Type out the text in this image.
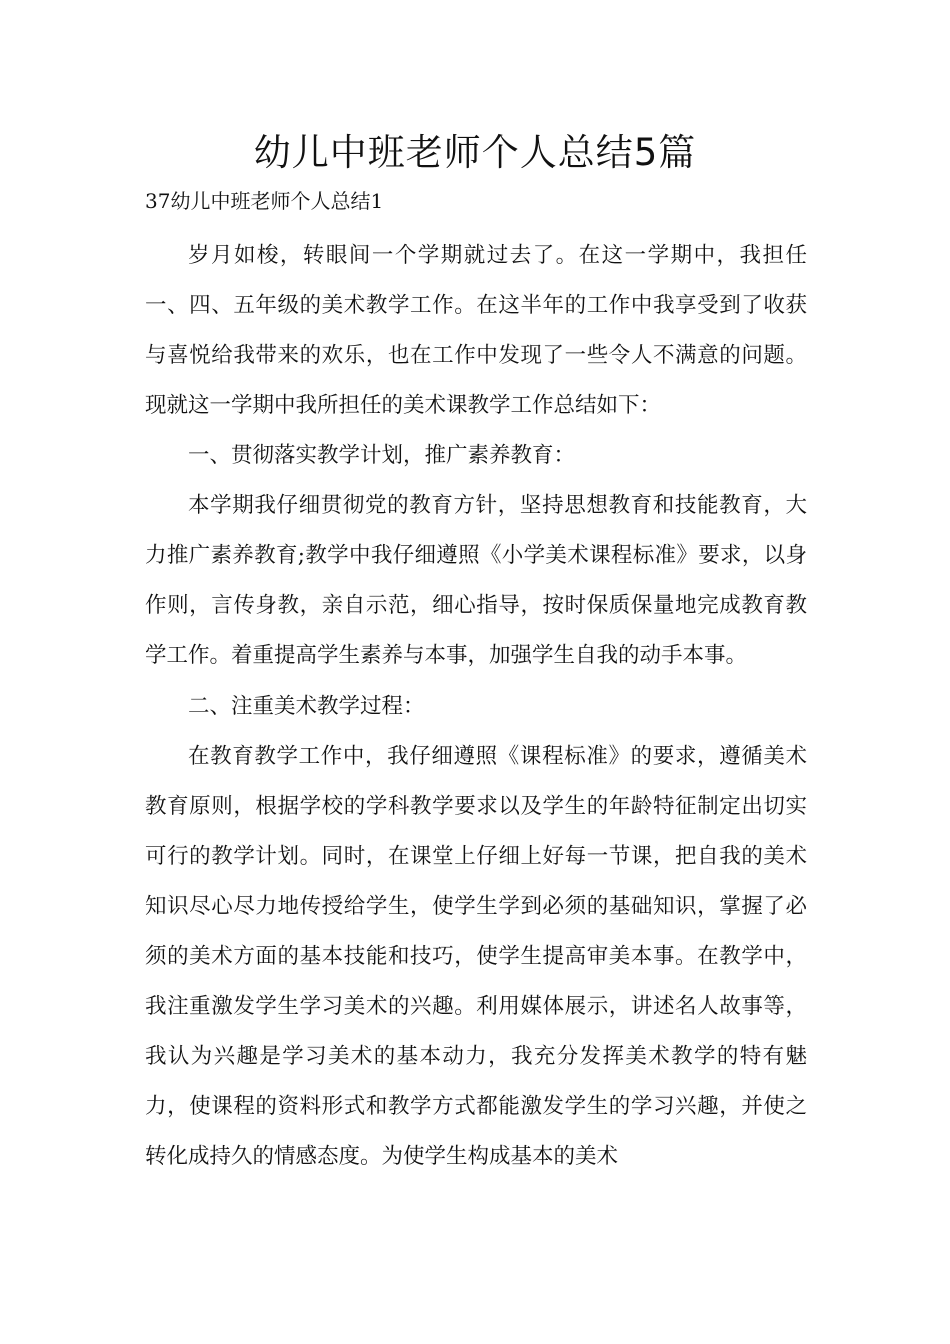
幼儿中班老师个人总结5篇
37幼儿中班老师个人总结1

岁月如梭，转眼间一个学期就过去了。在这一学期中，我担任一、四、五年级的美术教学工作。在这半年的工作中我享受到了收获与喜悦给我带来的欢乐，也在工作中发现了一些令人不满意的问题。现就这一学期中我所担任的美术课教学工作总结如下：

一、贯彻落实教学计划，推广素养教育：

本学期我仔细贯彻党的教育方针，坚持思想教育和技能教育，大力推广素养教育;教学中我仔细遵照《小学美术课程标准》要求，以身作则，言传身教，亲自示范，细心指导，按时保质保量地完成教育教学工作。着重提高学生素养与本事，加强学生自我的动手本事。

二、注重美术教学过程：

在教育教学工作中，我仔细遵照《课程标准》的要求，遵循美术教育原则，根据学校的学科教学要求以及学生的年龄特征制定出切实可行的教学计划。同时，在课堂上仔细上好每一节课，把自我的美术知识尽心尽力地传授给学生，使学生学到必须的基础知识，掌握了必须的美术方面的基本技能和技巧，使学生提高审美本事。在教学中，我注重激发学生学习美术的兴趣。利用媒体展示，讲述名人故事等，我认为兴趣是学习美术的基本动力，我充分发挥美术教学的特有魅力，使课程的资料形式和教学方式都能激发学生的学习兴趣，并使之转化成持久的情感态度。为使学生构成基本的美术
